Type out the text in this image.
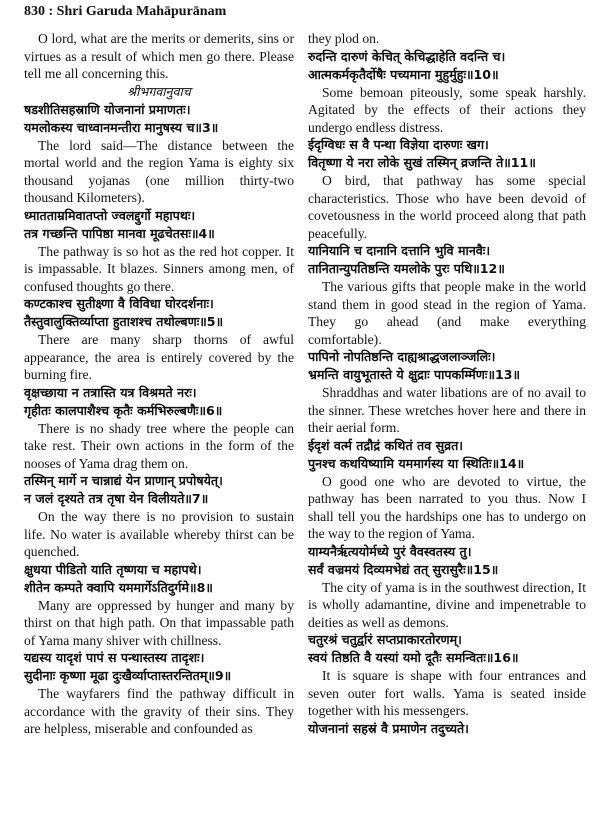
830 : Shri Garuda Mahāpurānam

O lord, what are the merits or demerits, sins or virtues as a result of which men go there. Please tell me all concerning this.

श्रीभगवानुवाच

षडशीतिसहस्राणि योजनानां प्रमाणतः।

यमलोकस्य चाध्वानमन्तीरा मानुषस्य च॥3॥

The lord said—The distance between the mortal world and the region Yama is eighty six thousand yojanas (one million thirty-two thousand Kilometers).

ध्मातताम्रमिवातप्तो ज्वलद्दुर्गो महापथः।

तत्र गच्छन्ति पापिष्ठा मानवा मूढचेतसः॥4॥

The pathway is so hot as the red hot copper. It is impassable. It blazes. Sinners among men, of confused thoughts go there.

कण्टकाश्च सुतीक्ष्णा वै विविधा घोरदर्शनाः।

तैस्तुवालुक्तिर्व्याप्ता हुताशश्च तथोल्बणः॥5॥

There are many sharp thorns of awful appearance, the area is entirely covered by the burning fire.

वृक्षच्छाया न तत्रास्ति यत्र विश्रमते नरः।

गृहीतः कालपाशैश्च कृतैः कर्मभिरुल्बणैः॥6॥

There is no shady tree where the people can take rest. Their own actions in the form of the nooses of Yama drag them on.

तस्मिन् मार्गे न चान्नाद्यं येन प्राणान् प्रपोषयेत्।

न जलं दृश्यते तत्र तृषा येन विलीयते॥7॥

On the way there is no provision to sustain life. No water is available whereby thirst can be quenched.

क्षुधया पीडितो याति तृष्णया च महापथे।

शीतेन कम्पते क्वापि यममार्गेऽतिदुर्गमे॥8॥

Many are oppressed by hunger and many by thirst on that high path. On that impassable path of Yama many shiver with chillness.

यद्यस्य यादृशं पापं स पन्थास्तस्य तादृशः।

सुदीनाः कृष्णा मूढा दुःखैर्व्याप्तास्तरन्तितम्॥9॥

The wayfarers find the pathway difficult in accordance with the gravity of their sins. They are helpless, miserable and confounded as

they plod on.

रुदन्ति दारुणं केचित् केचिद्धाहेति वदन्ति च।

आत्मकर्मकृतैर्दोषैः पच्यमाना मुहुर्मुहुः॥10॥

Some bemoan piteously, some speak harshly. Agitated by the effects of their actions they undergo endless distress.

ईदृग्विधः स वै पन्था विज्ञेया दारुणः खग।

वितृष्णा ये नरा लोके सुखं तस्मिन् व्रजन्ति ते॥11॥

O bird, that pathway has some special characteristics. Those who have been devoid of covetousness in the world proceed along that path peacefully.

यानियानि च दानानि दत्तानि भुवि मानवैः।

तानितान्युपतिष्ठन्ति यमलोके पुरः पथि॥12॥

The various gifts that people make in the world stand them in good stead in the region of Yama. They go ahead (and make everything comfortable).

पापिनो नोपतिष्ठन्ति दाह्यश्राद्धजलाञ्जलिः।

भ्रमन्ति वायुभूतास्ते ये क्षुद्राः पापकर्म्मिणः॥13॥

Shraddhas and water libations are of no avail to the sinner. These wretches hover here and there in their aerial form.

ईदृशं वर्त्म तद्रौद्रं कथितं तव सुव्रत।

पुनश्च कथयिष्यामि यममार्गस्य या स्थितिः॥14॥

O good one who are devoted to virtue, the pathway has been narrated to you thus. Now I shall tell you the hardships one has to undergo on the way to the region of Yama.

याम्यनैर्ऋत्ययोर्मध्ये पुरं वैवस्वतस्य तु।

सर्वं वज्रमयं दिव्यमभेद्यं तत् सुरासुरैः॥15॥

The city of yama is in the southwest direction, It is wholly adamantine, divine and impenetrable to deities as well as demons.

चतुरश्रं चतुर्द्वारं सप्तप्राकारतोरणम्।

स्वयं तिष्ठति वै यस्यां यमो दूतैः समन्वितः॥16॥

It is square is shape with four entrances and seven outer fort walls. Yama is seated inside together with his messengers.

योजनानां सहस्रं वै प्रमाणेन तदुच्यते।
